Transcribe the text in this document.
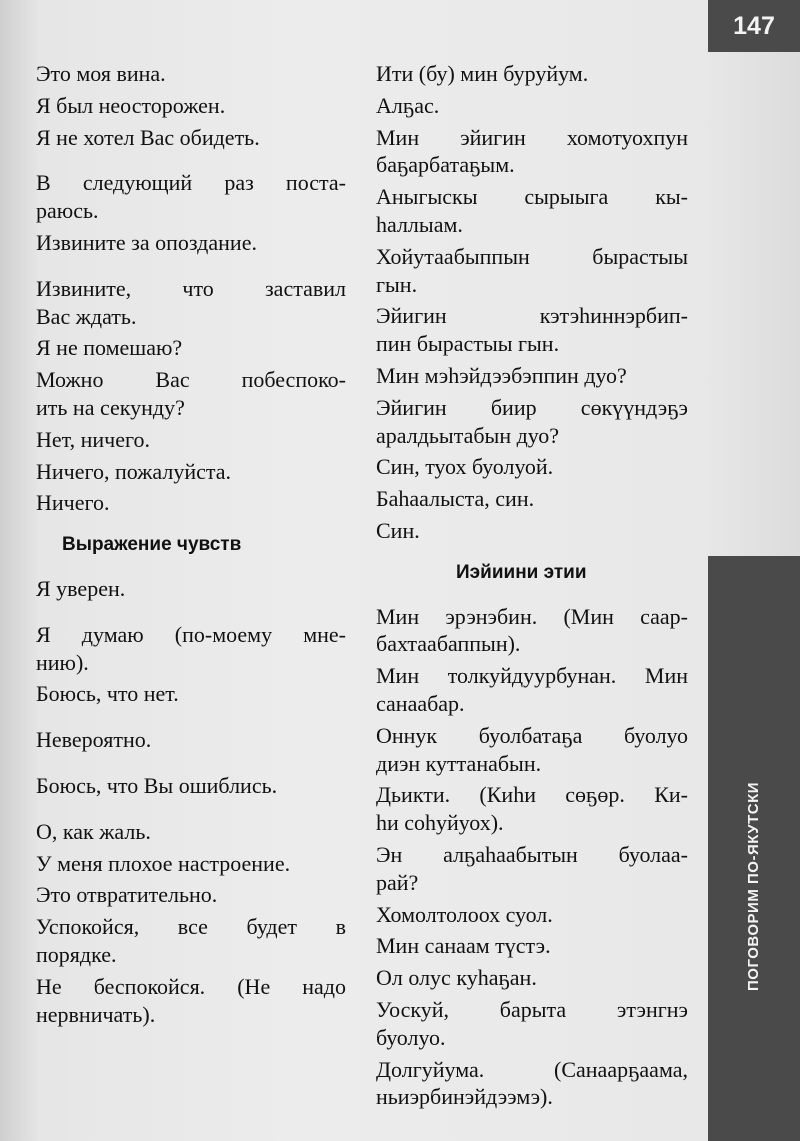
147
ПОГОВОРИМ ПО-ЯКУТСКИ
Это моя вина.
Я был неосторожен.
Я не хотел Вас обидеть.
В следующий раз поста-
раюсь.
Извините за опоздание.
Извините, что заставил
Вас ждать.
Я не помешаю?
Можно Вас побеспоко-
ить на секунду?
Нет, ничего.
Ничего, пожалуйста.
Ничего.
Выражение чувств
Я уверен.
Я думаю (по-моему мне-
нию).
Боюсь, что нет.
Невероятно.
Боюсь, что Вы ошиблись.
О, как жаль.
У меня плохое настроение.
Это отвратительно.
Успокойся, все будет в
порядке.
Не беспокойся. (Не надо
нервничать).
Ити (бу) мин буруйум.
Алҕас.
Мин эйигин хомотуохпун
баҕарбатаҕым.
Аныгыскы сырыыга кы-
һаллыам.
Хойутаабыппын бырастыы
гын.
Эйигин кэтэһиннэрбип-
пин бырастыы гын.
Мин мэһэйдээбэппин дуо?
Эйигин биир сөкүүндэҕэ
аралдьытабын дуо?
Син, туох буолуой.
Баһаалыста, син.
Син.
Иэйиини этии
Мин эрэнэбин. (Мин саар-
бахтаабаппын).
Мин толкуйдуурбунан. Мин
санаабар.
Оннук буолбатаҕа буолуо
диэн куттанабын.
Дьикти. (Киһи сөҕөр. Ки-
һи соһуйуох).
Эн алҕаһаабытын буолаа-
рай?
Хомолтолоох суол.
Мин санаам түстэ.
Ол олус куһаҕан.
Уоскуй, барыта этэнгнэ
буолуо.
Долгуйума. (Санаарҕаама,
ньиэрбинэйдээмэ).
